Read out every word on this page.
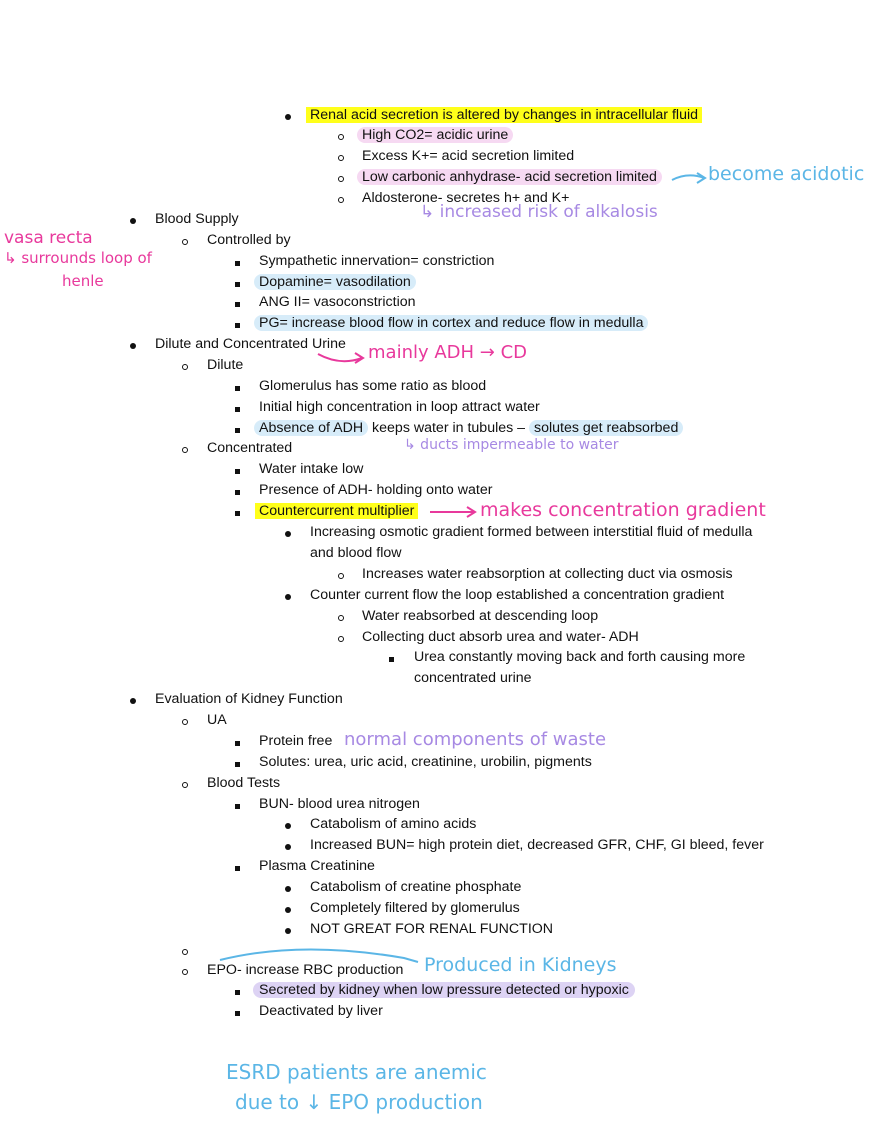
Renal acid secretion is altered by changes in intracellular fluid
High CO2= acidic urine
Excess K+= acid secretion limited
Low carbonic anhydrase- acid secretion limited
Aldosterone- secretes h+ and K+
Blood Supply
Controlled by
Sympathetic innervation= constriction
Dopamine= vasodilation
ANG II= vasoconstriction
PG= increase blood flow in cortex and reduce flow in medulla
Dilute and Concentrated Urine
Dilute
Glomerulus has some ratio as blood
Initial high concentration in loop attract water
Absence of ADH keeps water in tubules – solutes get reabsorbed
Concentrated
Water intake low
Presence of ADH- holding onto water
Countercurrent multiplier
Increasing osmotic gradient formed between interstitial fluid of medulla
and blood flow
Increases water reabsorption at collecting duct via osmosis
Counter current flow the loop established a concentration gradient
Water reabsorbed at descending loop
Collecting duct absorb urea and water- ADH
Urea constantly moving back and forth causing more
concentrated urine
Evaluation of Kidney Function
UA
Protein free
Solutes: urea, uric acid, creatinine, urobilin, pigments
Blood Tests
BUN- blood urea nitrogen
Catabolism of amino acids
Increased BUN= high protein diet, decreased GFR, CHF, GI bleed, fever
Plasma Creatinine
Catabolism of creatine phosphate
Completely filtered by glomerulus
NOT GREAT FOR RENAL FUNCTION
EPO- increase RBC production
Secreted by kidney when low pressure detected or hypoxic
Deactivated by liver
become acidotic
↳ increased risk of alkalosis
vasa recta
↳ surrounds loop of
henle
mainly ADH → CD
↳ ducts impermeable to water
makes concentration gradient
normal components of waste
Produced in Kidneys
ESRD patients are anemic
due to ↓ EPO production
